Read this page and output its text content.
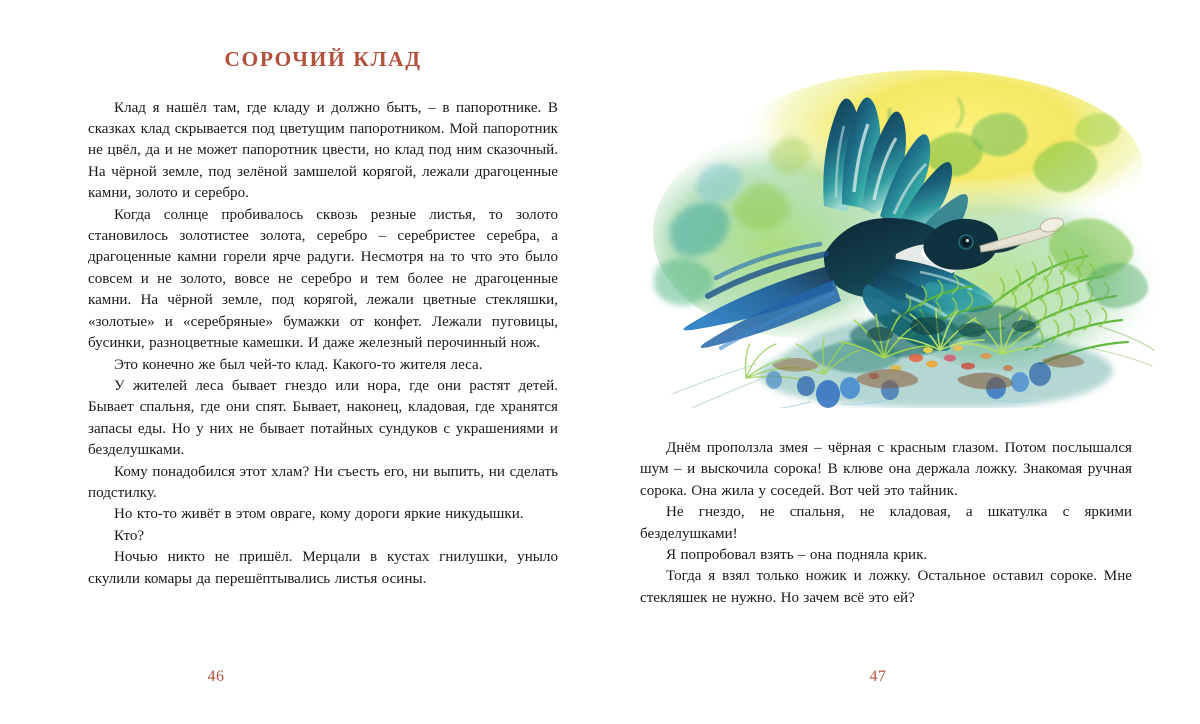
СОРОЧИЙ КЛАД

Клад я нашёл там, где кладу и должно быть, – в папоротнике. В сказках клад скрывается под цветущим папоротником. Мой папоротник не цвёл, да и не может папоротник цвести, но клад под ним сказочный. На чёрной земле, под зелёной замшелой корягой, лежали драгоценные камни, золото и серебро.

Когда солнце пробивалось сквозь резные листья, то золото становилось золотистее золота, серебро – серебристее серебра, а драгоценные камни горели ярче радуги. Несмотря на то что это было совсем и не золото, вовсе не серебро и тем более не драгоценные камни. На чёрной земле, под корягой, лежали цветные стекляшки, «золотые» и «серебряные» бумажки от конфет. Лежали пуговицы, бусинки, разноцветные камешки. И даже железный перочинный нож.

Это конечно же был чей-то клад. Какого-то жителя леса.

У жителей леса бывает гнездо или нора, где они растят детей. Бывает спальня, где они спят. Бывает, наконец, кладовая, где хранятся запасы еды. Но у них не бывает потайных сундуков с украшениями и безделушками.

Кому понадобился этот хлам? Ни съесть его, ни выпить, ни сделать подстилку.

Но кто-то живёт в этом овраге, кому дороги яркие никудышки.

Кто?

Ночью никто не пришёл. Мерцали в кустах гнилушки, уныло скулили комары да перешёптывались листья осины.

46

Днём проползла змея – чёрная с красным глазом. Потом послышался шум – и выскочила сорока! В клюве она держала ложку. Знакомая ручная сорока. Она жила у соседей. Вот чей это тайник.

Не гнездо, не спальня, не кладовая, а шкатулка с яркими безделушками!

Я попробовал взять – она подняла крик.

Тогда я взял только ножик и ложку. Остальное оставил сороке. Мне стекляшек не нужно. Но зачем всё это ей?

47
